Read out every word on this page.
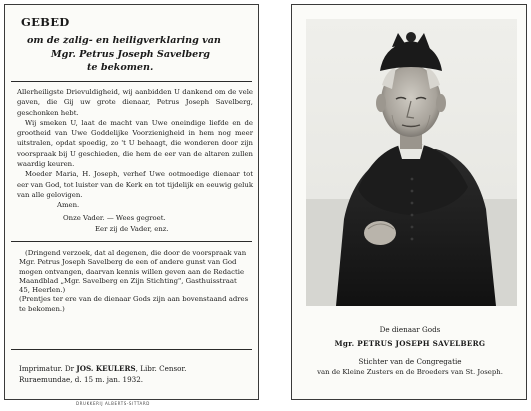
GEBED
om de zalig- en heiligverklaring van
Mgr. Petrus Joseph Savelberg
te bekomen.

Allerheiligste Drievuldigheid, wij aanbidden U dankend om de vele gaven, die Gij uw grote dienaar, Petrus Joseph Savelberg, geschonken hebt.

Wij smeken U, laat de macht van Uwe oneindige liefde en de grootheid van Uwe Goddelijke Voorzienigheid in hem nog meer uitstralen, opdat spoedig, zo 't U behaagt, die wonderen door zijn voorspraak bij U geschieden, die hem de eer van de altaren zullen waardig keuren.

Moeder Maria, H. Joseph, verhef Uwe ootmoedige dienaar tot eer van God, tot luister van de Kerk en tot tijdelijk en eeuwig geluk van alle gelovigen.

Amen.
Onze Vader. — Wees gegroet.
Eer zij de Vader, enz.

(Dringend verzoek, dat al degenen, die door de voorspraak van Mgr. Petrus Joseph Savelberg de een of andere gunst van God mogen ontvangen, daarvan kennis willen geven aan de Redactie Maandblad „Mgr. Savelberg en Zijn Stichting", Gasthuisstraat 45, Heerlen.)

(Prentjes ter ere van de dienaar Gods zijn aan bovenstaand adres te bekomen.)

Imprimatur. Dr JOS. KEULERS, Libr. Censor.
Ruraemundae, d. 15 m. jan. 1932.
DRUKKERIJ ALBERTS-SITTARD
De dienaar Gods
Mgr. PETRUS JOSEPH SAVELBERG
Stichter van de Congregatie
van de Kleine Zusters en de Broeders van St. Joseph.
